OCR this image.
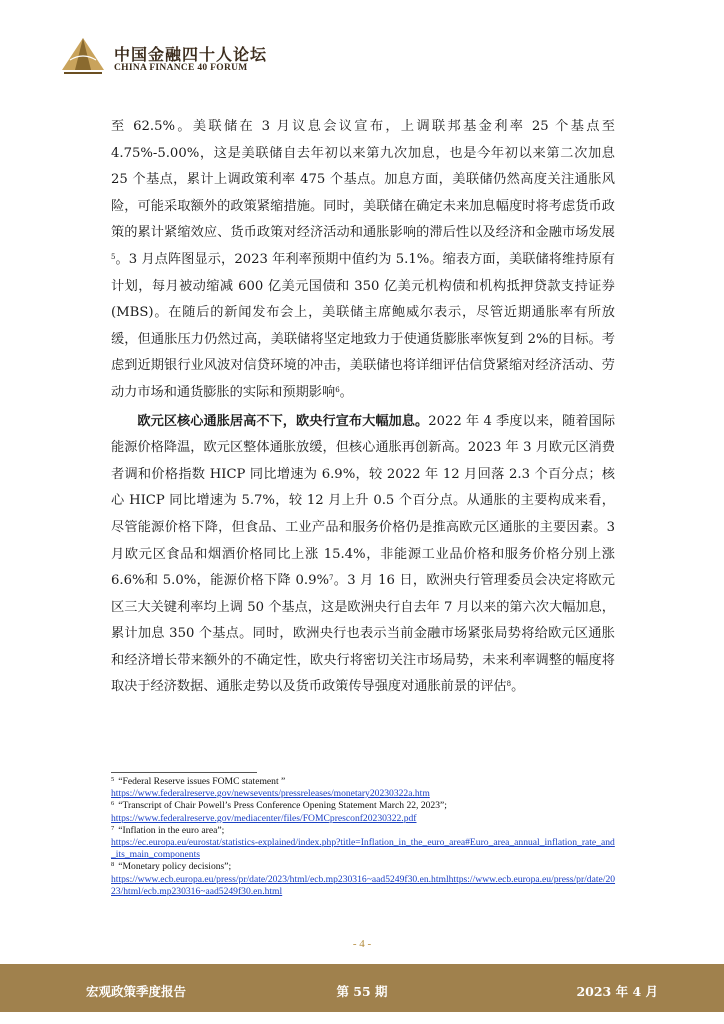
中国金融四十人论坛
CHINA FINANCE 40 FORUM

至 62.5%。美联储在 3 月议息会议宣布，上调联邦基金利率 25 个基点至 4.75%-5.00%，这是美联储自去年初以来第九次加息，也是今年初以来第二次加息 25 个基点，累计上调政策利率 475 个基点。加息方面，美联储仍然高度关注通胀风险，可能采取额外的政策紧缩措施。同时，美联储在确定未来加息幅度时将考虑货币政策的累计紧缩效应、货币政策对经济活动和通胀影响的滞后性以及经济和金融市场发展$^5$。3 月点阵图显示，2023 年利率预期中值约为 5.1%。缩表方面，美联储将维持原有计划，每月被动缩减 600 亿美元国债和 350 亿美元机构债和机构抵押贷款支持证券(MBS)。在随后的新闻发布会上，美联储主席鲍威尔表示，尽管近期通胀率有所放缓，但通胀压力仍然过高，美联储将坚定地致力于使通货膨胀率恢复到 2%的目标。考虑到近期银行业风波对信贷环境的冲击，美联储也将详细评估信贷紧缩对经济活动、劳动力市场和通货膨胀的实际和预期影响$^6$。

欧元区核心通胀居高不下，欧央行宣布大幅加息。2022 年 4 季度以来，随着国际能源价格降温，欧元区整体通胀放缓，但核心通胀再创新高。2023 年 3 月欧元区消费者调和价格指数 HICP 同比增速为 6.9%，较 2022 年 12 月回落 2.3 个百分点；核心 HICP 同比增速为 5.7%，较 12 月上升 0.5 个百分点。从通胀的主要构成来看，尽管能源价格下降，但食品、工业产品和服务价格仍是推高欧元区通胀的主要因素。3 月欧元区食品和烟酒价格同比上涨 15.4%，非能源工业品价格和服务价格分别上涨 6.6%和 5.0%，能源价格下降 0.9%$^7$。3 月 16 日，欧洲央行管理委员会决定将欧元区三大关键利率均上调 50 个基点，这是欧洲央行自去年 7 月以来的第六次大幅加息，累计加息 350 个基点。同时，欧洲央行也表示当前金融市场紧张局势将给欧元区通胀和经济增长带来额外的不确定性，欧央行将密切关注市场局势，未来利率调整的幅度将取决于经济数据、通胀走势以及货币政策传导强度对通胀前景的评估$^8$。

$^5$ “Federal Reserve issues FOMC statement ”
https://www.federalreserve.gov/newsevents/pressreleases/monetary20230322a.htm
$^6$ “Transcript of Chair Powell’s Press Conference Opening Statement March 22, 2023”;
https://www.federalreserve.gov/mediacenter/files/FOMCpresconf20230322.pdf
$^7$ “Inflation in the euro area”;
https://ec.europa.eu/eurostat/statistics-explained/index.php?title=Inflation_in_the_euro_area#Euro_area_annual_inflation_rate_and_its_main_components
$^8$ “Monetary policy decisions”;
https://www.ecb.europa.eu/press/pr/date/2023/html/ecb.mp230316~aad5249f30.en.htmlhttps://www.ecb.europa.eu/press/pr/date/2023/html/ecb.mp230316~aad5249f30.en.html
- 4 -
宏观政策季度报告	第 55 期	2023 年 4 月
